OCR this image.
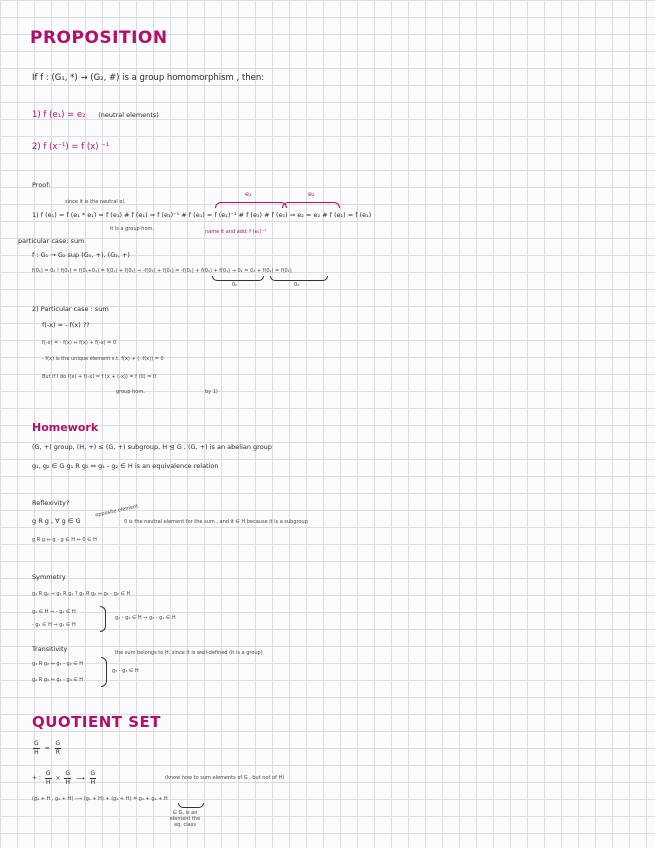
PROPOSITION
If f : (G₁, *) → (G₂, #) is a group homomorphism , then:
1) f (e₁) = e₂ (neutral elements)
2) f (x⁻¹) = f (x) ⁻¹
Proof:
since it is the neutral el.
e₁	e₂
1) f (e₁) = f (e₁ * e₁) = f (e₁) # f (e₁) ⇒ f (e₁)⁻¹ # f (e₁) = f (e₁)⁻¹ # f (e₁) # f (e₁) ⇒ e₂ = e₂ # f (e₁) = f (e₁)
it is a group hom.	name it and add. f (e₁)⁻¹
particular case: sum
f : G₁ → G₂ sup (G₁, +), (G₂, +)
f(0₁) = 0₂ ! f(0₁) = f(0₁+0₁) = f(0₁) + f(0₁) ⇒ -f(0₁) + f(0₁) = -f(0₁) + f(0₁) + f(0₁) ⇒ 0₂ = 0₂ + f(0₁) = f(0₁)
0₂	0₂
2) Particular case : sum
f(-x) = - f(x) ??
f(-x) = - f(x) ⇔ f(x) + f(-x) = 0
- f(x) is the unique element s.t. f(x) + (- f(x)) = 0
But if I do f(x) + f(-x) = f (x + (-x)) = f (0) = 0
group hom.	by 1)
Homework
(G, +) group, (H, +) ≤ (G, +) subgroup, H ⊴ G , (G, +) is an abelian group
g₁, g₂ ∈ G g₁ R g₂ ⇔ g₁ - g₂ ∈ H is an equivalence relation
Reflexivity?
g R g , ∀ g ∈ G
opposite element
0 is the neutral element for the sum , and it ∈ H because it is a subgroup
g R g ⇔ g - g ∈ H ⇔ 0 ∈ H
Symmetry
g₁ R g₂ ⇒ g₂ R g₁ ? g₁ R g₂ ⇔ g₁ - g₂ ∈ H
g₁ ∈ H ⇒ - g₁ ∈ H
- g₁ ∈ H ⇒ g₁ ∈ H
g₁ - g₂ ∈ H ⇒ g₂ - g₁ ∈ H
Transitivity	the sum belongs to H, since it is well-defined (it is a group)
g₁ R g₂ ⇔ g₁ - g₂ ∈ H
g₂ R g₃ ⇔ g₂ - g₃ ∈ H
g₁ - g₃ ∈ H
QUOTIENT SET
$\frac{G}{H} = \frac{G}{R}$
+ : $\frac{G}{H} \times \frac{G}{H}$ ⟶ $\frac{G}{H}$	(know how to sum elements of G , but not of H)
(g₁ + H , g₂ + H) ⟶ (g₁ + H) + (g₂ + H) = g₁ + g₂ + H
∈ G, is an element the eq. class
